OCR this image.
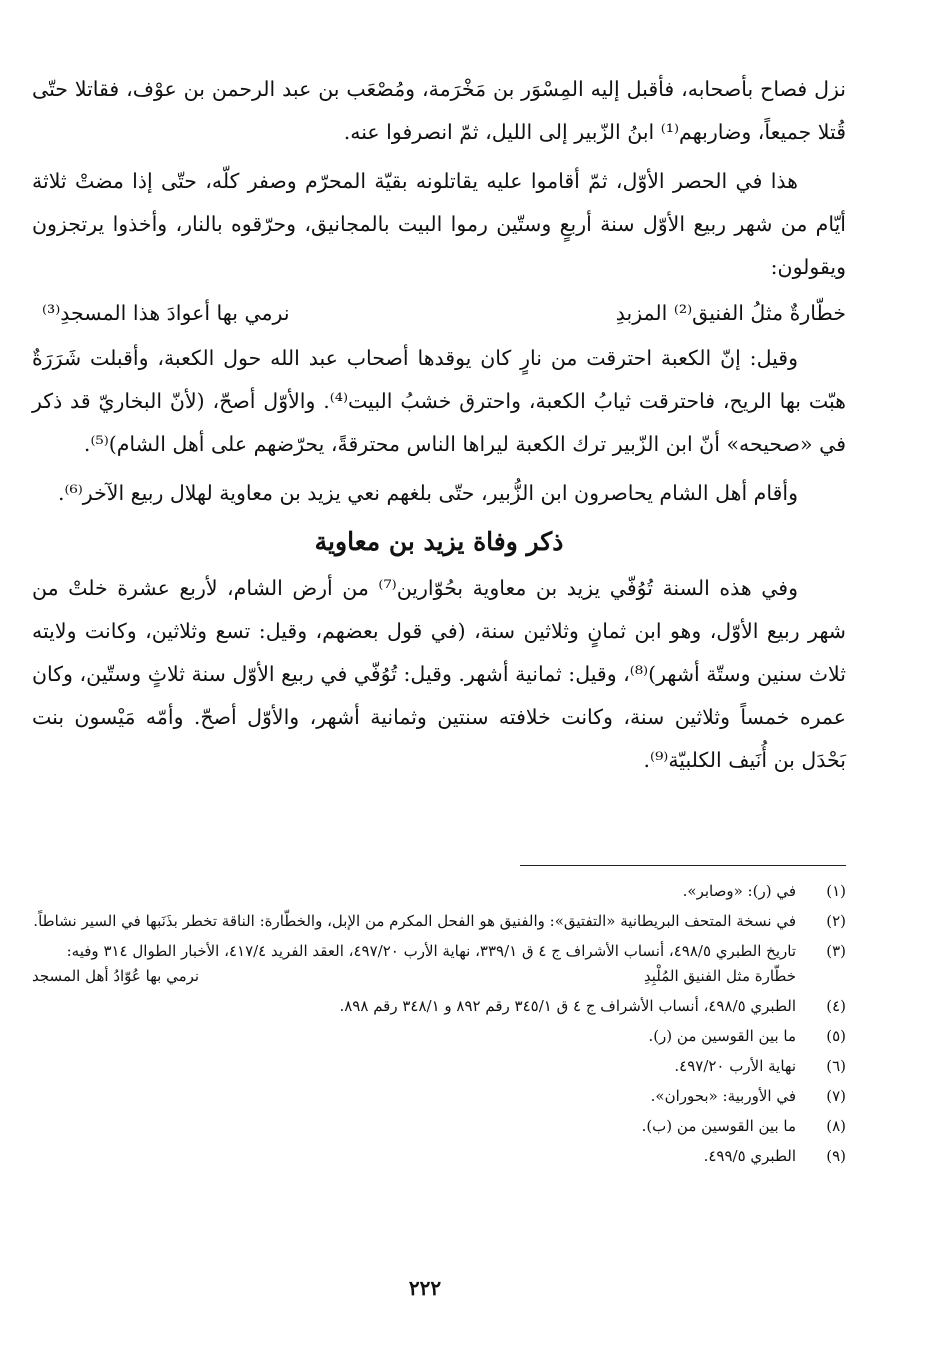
نزل فصاح بأصحابه، فأقبل إليه المِسْوَر بن مَخْرَمة، ومُصْعَب بن عبد الرحمن بن عوْف، فقاتلا حتّى قُتلا جميعاً، وضاربهم⁽¹⁾ ابنُ الزّبير إلى الليل، ثمّ انصرفوا عنه.

هذا في الحصر الأوّل، ثمّ أقاموا عليه يقاتلونه بقيّة المحرّم وصفر كلّه، حتّى إذا مضتْ ثلاثة أيّام من شهر ربيع الأوّل سنة أربعٍ وستّين رموا البيت بالمجانيق، وحرّقوه بالنار، وأخذوا يرتجزون ويقولون:

خطّارةٌ مثلُ الفنيق⁽²⁾ المزبدِ
نرمي بها أعوادَ هذا المسجدِ⁽³⁾

وقيل: إنّ الكعبة احترقت من نارٍ كان يوقدها أصحاب عبد الله حول الكعبة، وأقبلت شَرَرَةٌ هبّت بها الريح، فاحترقت ثيابُ الكعبة، واحترق خشبُ البيت⁽⁴⁾. والأوّل أصحّ، (لأنّ البخاريّ قد ذكر في «صحيحه» أنّ ابن الزّبير ترك الكعبة ليراها الناس محترقةً، يحرّضهم على أهل الشام)⁽⁵⁾.

وأقام أهل الشام يحاصرون ابن الزُّبير، حتّى بلغهم نعي يزيد بن معاوية لهلال ربيع الآخر⁽⁶⁾.

ذكر وفاة يزيد بن معاوية

وفي هذه السنة تُوُفّي يزيد بن معاوية بحُوّارين⁽⁷⁾ من أرض الشام، لأربع عشرة خلتْ من شهر ربيع الأوّل، وهو ابن ثمانٍ وثلاثين سنة، (في قول بعضهم، وقيل: تسع وثلاثين، وكانت ولايته ثلاث سنين وستّة أشهر)⁽⁸⁾، وقيل: ثمانية أشهر. وقيل: تُوُفّي في ربيع الأوّل سنة ثلاثٍ وستّين، وكان عمره خمساً وثلاثين سنة، وكانت خلافته سنتين وثمانية أشهر، والأوّل أصحّ. وأمّه مَيْسون بنت بَحْدَل بن أُنَيف الكلبيّة⁽⁹⁾.

(١)
في (ر): «وصابر».
(٢)
في نسخة المتحف البريطانية «التفتيق»: والفنيق هو الفحل المكرم من الإبل، والخطّارة: الناقة تخطر بذَنَبها في السير نشاطاً.
(٣)
تاريخ الطبري ٤٩٨/٥، أنساب الأشراف ج ٤ ق ٣٣٩/١، نهاية الأرب ٤٩٧/٢٠، العقد الفريد ٤١٧/٤، الأخبار الطوال ٣١٤ وفيه:
خطّارة مثل الفنيق المُلْبِدِ
نرمي بها عُوّادُ أهل المسجد
(٤)
الطبري ٤٩٨/٥، أنساب الأشراف ج ٤ ق ٣٤٥/١ رقم ٨٩٢ و ٣٤٨/١ رقم ٨٩٨.
(٥)
ما بين القوسين من (ر).
(٦)
نهاية الأرب ٤٩٧/٢٠.
(٧)
في الأوربية: «بحوران».
(٨)
ما بين القوسين من (ب).
(٩)
الطبري ٤٩٩/٥.
٢٢٢
